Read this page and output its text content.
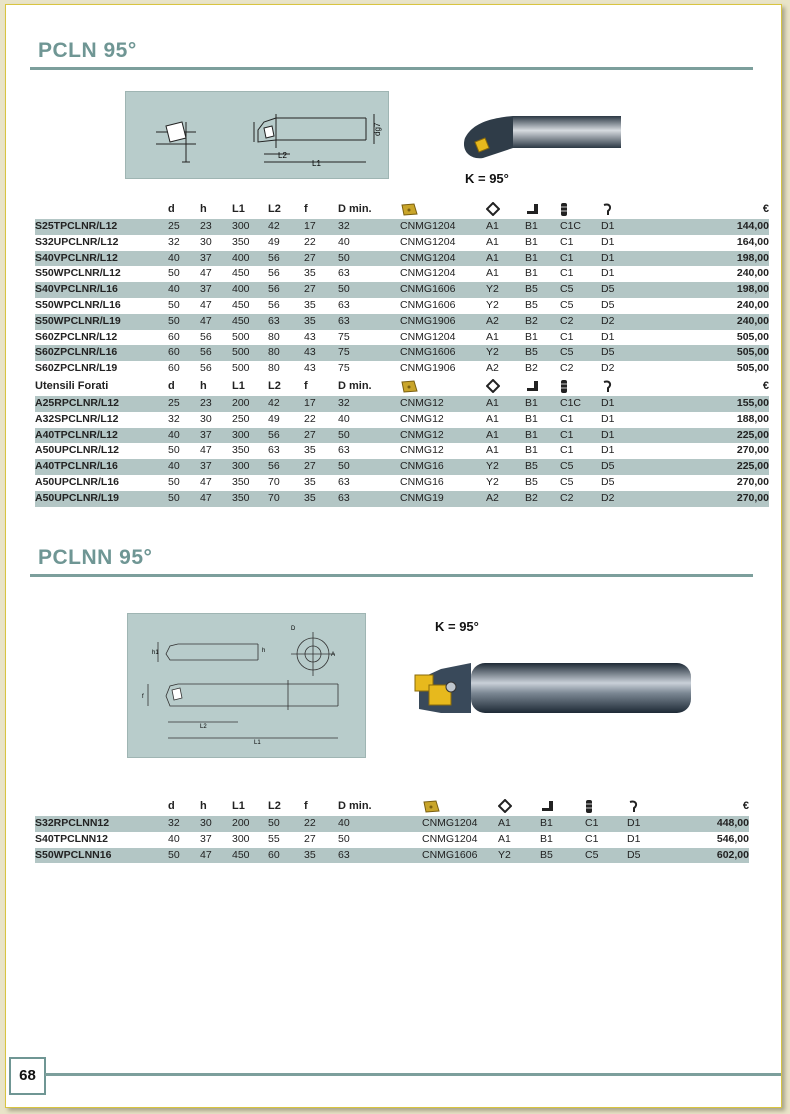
PCLN 95°
L2
L1
dg7
K = 95°
	d	h	L1	L2	f	D min.						€
S25TPCLNR/L12	25	23	300	42	17	32	CNMG1204	A1	B1	C1C	D1	144,00
S32UPCLNR/L12	32	30	350	49	22	40	CNMG1204	A1	B1	C1	D1	164,00
S40VPCLNR/L12	40	37	400	56	27	50	CNMG1204	A1	B1	C1	D1	198,00
S50WPCLNR/L12	50	47	450	56	35	63	CNMG1204	A1	B1	C1	D1	240,00
S40VPCLNR/L16	40	37	400	56	27	50	CNMG1606	Y2	B5	C5	D5	198,00
S50WPCLNR/L16	50	47	450	56	35	63	CNMG1606	Y2	B5	C5	D5	240,00
S50WPCLNR/L19	50	47	450	63	35	63	CNMG1906	A2	B2	C2	D2	240,00
S60ZPCLNR/L12	60	56	500	80	43	75	CNMG1204	A1	B1	C1	D1	505,00
S60ZPCLNR/L16	60	56	500	80	43	75	CNMG1606	Y2	B5	C5	D5	505,00
S60ZPCLNR/L19	60	56	500	80	43	75	CNMG1906	A2	B2	C2	D2	505,00
Utensili Forati	d	h	L1	L2	f	D min.						€
A25RPCLNR/L12	25	23	200	42	17	32	CNMG12	A1	B1	C1C	D1	155,00
A32SPCLNR/L12	32	30	250	49	22	40	CNMG12	A1	B1	C1	D1	188,00
A40TPCLNR/L12	40	37	300	56	27	50	CNMG12	A1	B1	C1	D1	225,00
A50UPCLNR/L12	50	47	350	63	35	63	CNMG12	A1	B1	C1	D1	270,00
A40TPCLNR/L16	40	37	300	56	27	50	CNMG16	Y2	B5	C5	D5	225,00
A50UPCLNR/L16	50	47	350	70	35	63	CNMG16	Y2	B5	C5	D5	270,00
A50UPCLNR/L19	50	47	350	70	35	63	CNMG19	A2	B2	C2	D2	270,00
PCLNN 95°
h1
f
h
A
D
L2
L1
K = 95°
	d	h	L1	L2	f	D min.						€
S32RPCLNN12	32	30	200	50	22	40	CNMG1204	A1	B1	C1	D1	448,00
S40TPCLNN12	40	37	300	55	27	50	CNMG1204	A1	B1	C1	D1	546,00
S50WPCLNN16	50	47	450	60	35	63	CNMG1606	Y2	B5	C5	D5	602,00
68
